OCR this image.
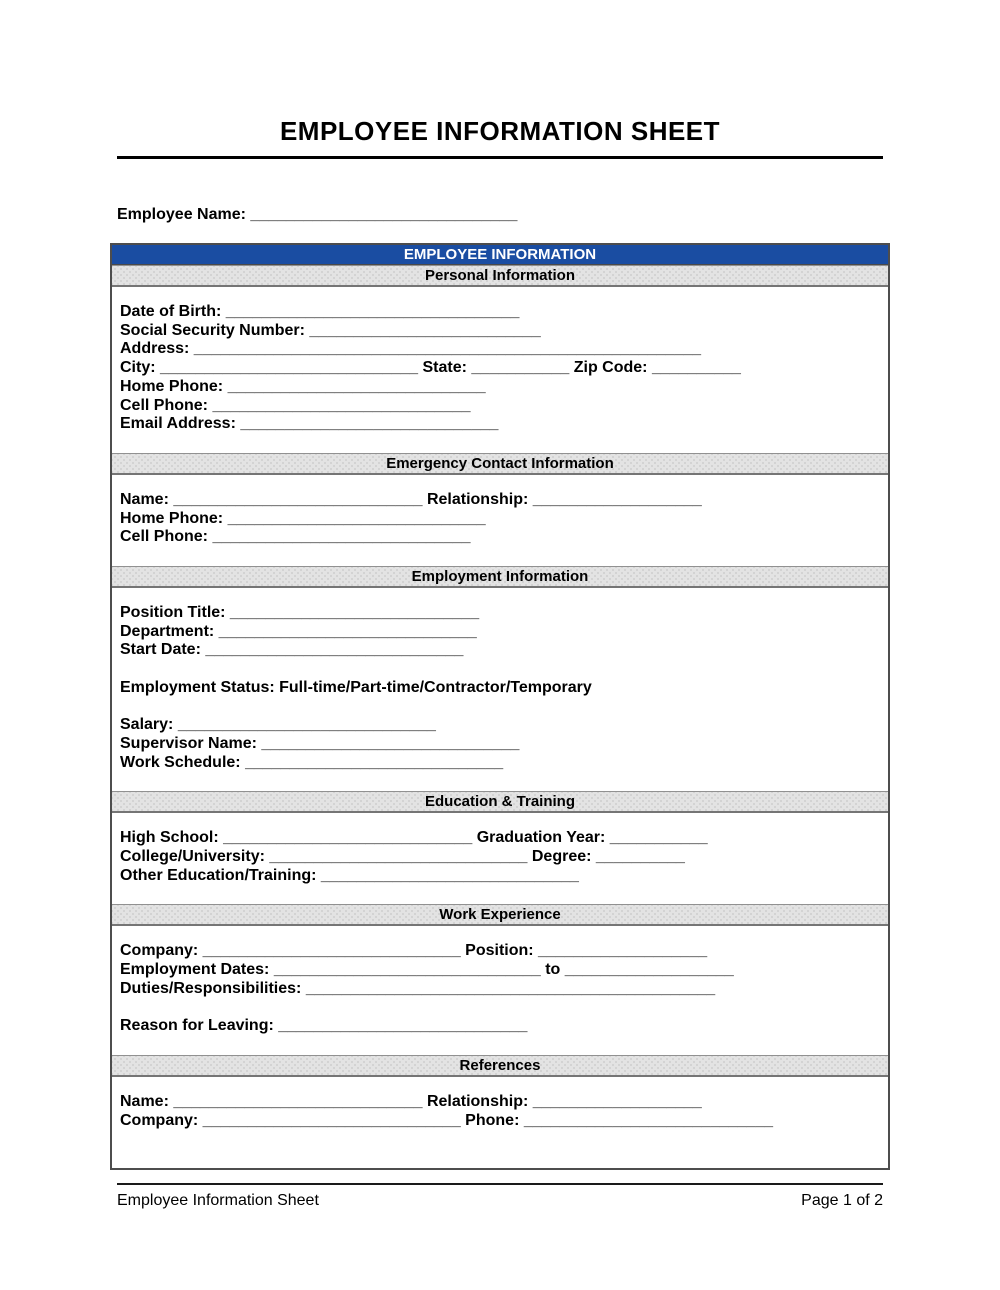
EMPLOYEE INFORMATION SHEET
Employee Name: ______________________________
EMPLOYEE INFORMATION
Personal Information
Date of Birth: _________________________________
Social Security Number: __________________________
Address: _________________________________________________________
City: _____________________________ State: ___________ Zip Code: __________
Home Phone: _____________________________
Cell Phone: _____________________________
Email Address: _____________________________
Emergency Contact Information
Name: ____________________________ Relationship: ___________________
Home Phone: _____________________________
Cell Phone: _____________________________
Employment Information
Position Title: ____________________________
Department: _____________________________
Start Date: _____________________________
Employment Status: Full-time/Part-time/Contractor/Temporary
Salary: _____________________________
Supervisor Name: _____________________________
Work Schedule: _____________________________
Education & Training
High School: ____________________________ Graduation Year: ___________
College/University: _____________________________ Degree: __________
Other Education/Training: _____________________________
Work Experience
Company: _____________________________ Position: ___________________
Employment Dates: ______________________________ to ___________________
Duties/Responsibilities: ______________________________________________
Reason for Leaving: ____________________________
References
Name: ____________________________ Relationship: ___________________
Company: _____________________________ Phone: ____________________________
Employee Information Sheet	Page 1 of 2
